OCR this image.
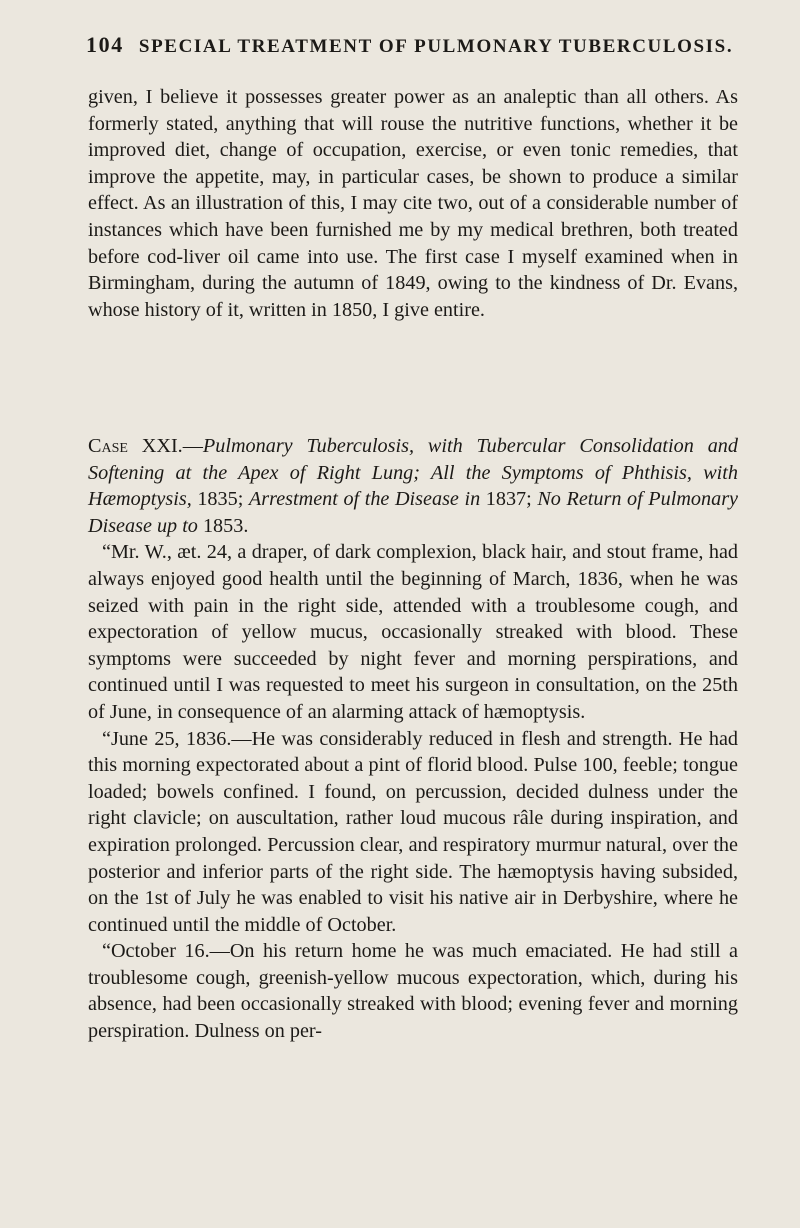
104 SPECIAL TREATMENT OF PULMONARY TUBERCULOSIS.

given, I believe it possesses greater power as an analeptic than all others. As formerly stated, anything that will rouse the nutritive functions, whether it be improved diet, change of occupation, exercise, or even tonic remedies, that improve the appetite, may, in particular cases, be shown to produce a similar effect. As an illustration of this, I may cite two, out of a considerable number of instances which have been furnished me by my medical brethren, both treated before cod-liver oil came into use. The first case I myself examined when in Birmingham, during the autumn of 1849, owing to the kindness of Dr. Evans, whose history of it, written in 1850, I give entire.

Case XXI.—Pulmonary Tuberculosis, with Tubercular Consolidation and Softening at the Apex of Right Lung; All the Symptoms of Phthisis, with Hæmoptysis, 1835; Arrestment of the Disease in 1837; No Return of Pulmonary Disease up to 1853.

“Mr. W., æt. 24, a draper, of dark complexion, black hair, and stout frame, had always enjoyed good health until the beginning of March, 1836, when he was seized with pain in the right side, attended with a troublesome cough, and expectoration of yellow mucus, occasionally streaked with blood. These symptoms were succeeded by night fever and morning perspirations, and continued until I was requested to meet his surgeon in consultation, on the 25th of June, in consequence of an alarming attack of hæmoptysis.

“June 25, 1836.—He was considerably reduced in flesh and strength. He had this morning expectorated about a pint of florid blood. Pulse 100, feeble; tongue loaded; bowels confined. I found, on percussion, decided dulness under the right clavicle; on auscultation, rather loud mucous râle during inspiration, and expiration prolonged. Percussion clear, and respiratory murmur natural, over the posterior and inferior parts of the right side. The hæmoptysis having subsided, on the 1st of July he was enabled to visit his native air in Derbyshire, where he continued until the middle of October.

“October 16.—On his return home he was much emaciated. He had still a troublesome cough, greenish-yellow mucous expectoration, which, during his absence, had been occasionally streaked with blood; evening fever and morning perspiration. Dulness on per-
